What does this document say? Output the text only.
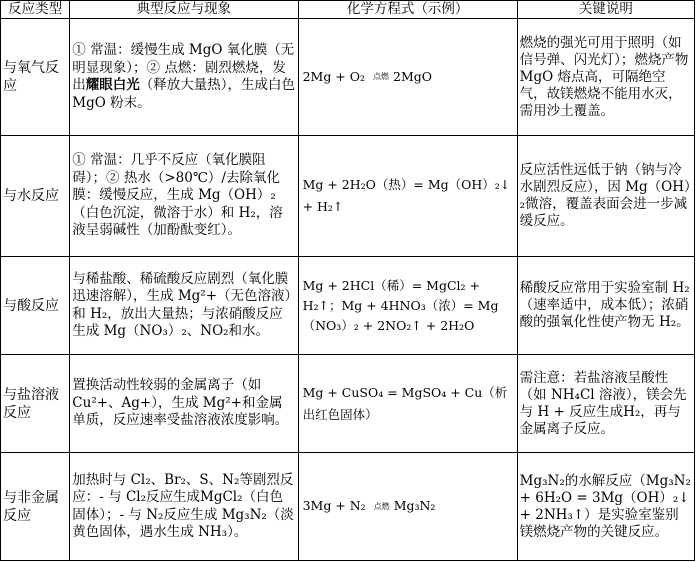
反应类型	典型反应与现象	化学方程式（示例）	关键说明
与氧气反应	① 常温：缓慢生成 MgO 氧化膜（无明显现象）；② 点燃：剧烈燃烧，发出耀眼白光（释放大量热），生成白色 MgO 粉末。	2Mg + O₂ 点燃 2MgO	燃烧的强光可用于照明（如信号弹、闪光灯）；燃烧产物 MgO 熔点高，可隔绝空气，故镁燃烧不能用水灭，需用沙土覆盖。
与水反应	① 常温：几乎不反应（氧化膜阻碍）；② 热水（>80℃）/去除氧化膜：缓慢反应，生成 Mg（OH）₂（白色沉淀，微溶于水）和 H₂，溶液呈弱碱性（加酚酞变红）。	Mg + 2H₂O（热）= Mg（OH）₂↓ + H₂↑	反应活性远低于钠（钠与冷水剧烈反应），因 Mg（OH）₂微溶，覆盖表面会进一步减缓反应。
与酸反应	与稀盐酸、稀硫酸反应剧烈（氧化膜迅速溶解），生成 Mg²+（无色溶液）和 H₂，放出大量热；与浓硝酸反应生成 Mg（NO₃）₂、NO₂和水。	Mg + 2HCl（稀）= MgCl₂ + H₂↑；Mg + 4HNO₃（浓）= Mg（NO₃）₂ + 2NO₂↑ + 2H₂O	稀酸反应常用于实验室制 H₂（速率适中，成本低）；浓硝酸的强氧化性使产物无 H₂。
与盐溶液反应	置换活动性较弱的金属离子（如 Cu²+、Ag+），生成 Mg²+和金属单质，反应速率受盐溶液浓度影响。	Mg + CuSO₄ = MgSO₄ + Cu（析出红色固体）	需注意：若盐溶液呈酸性（如 NH₄Cl 溶液），镁会先与 H + 反应生成H₂，再与金属离子反应。
与非金属反应	加热时与 Cl₂、Br₂、S、N₂等剧烈反应：- 与 Cl₂反应生成MgCl₂（白色固体）；- 与 N₂反应生成 Mg₃N₂（淡黄色固体，遇水生成 NH₃）。	3Mg + N₂ 点燃 Mg₃N₂	Mg₃N₂的水解反应（Mg₃N₂ + 6H₂O = 3Mg（OH）₂↓ + 2NH₃↑）是实验室鉴别镁燃烧产物的关键反应。
